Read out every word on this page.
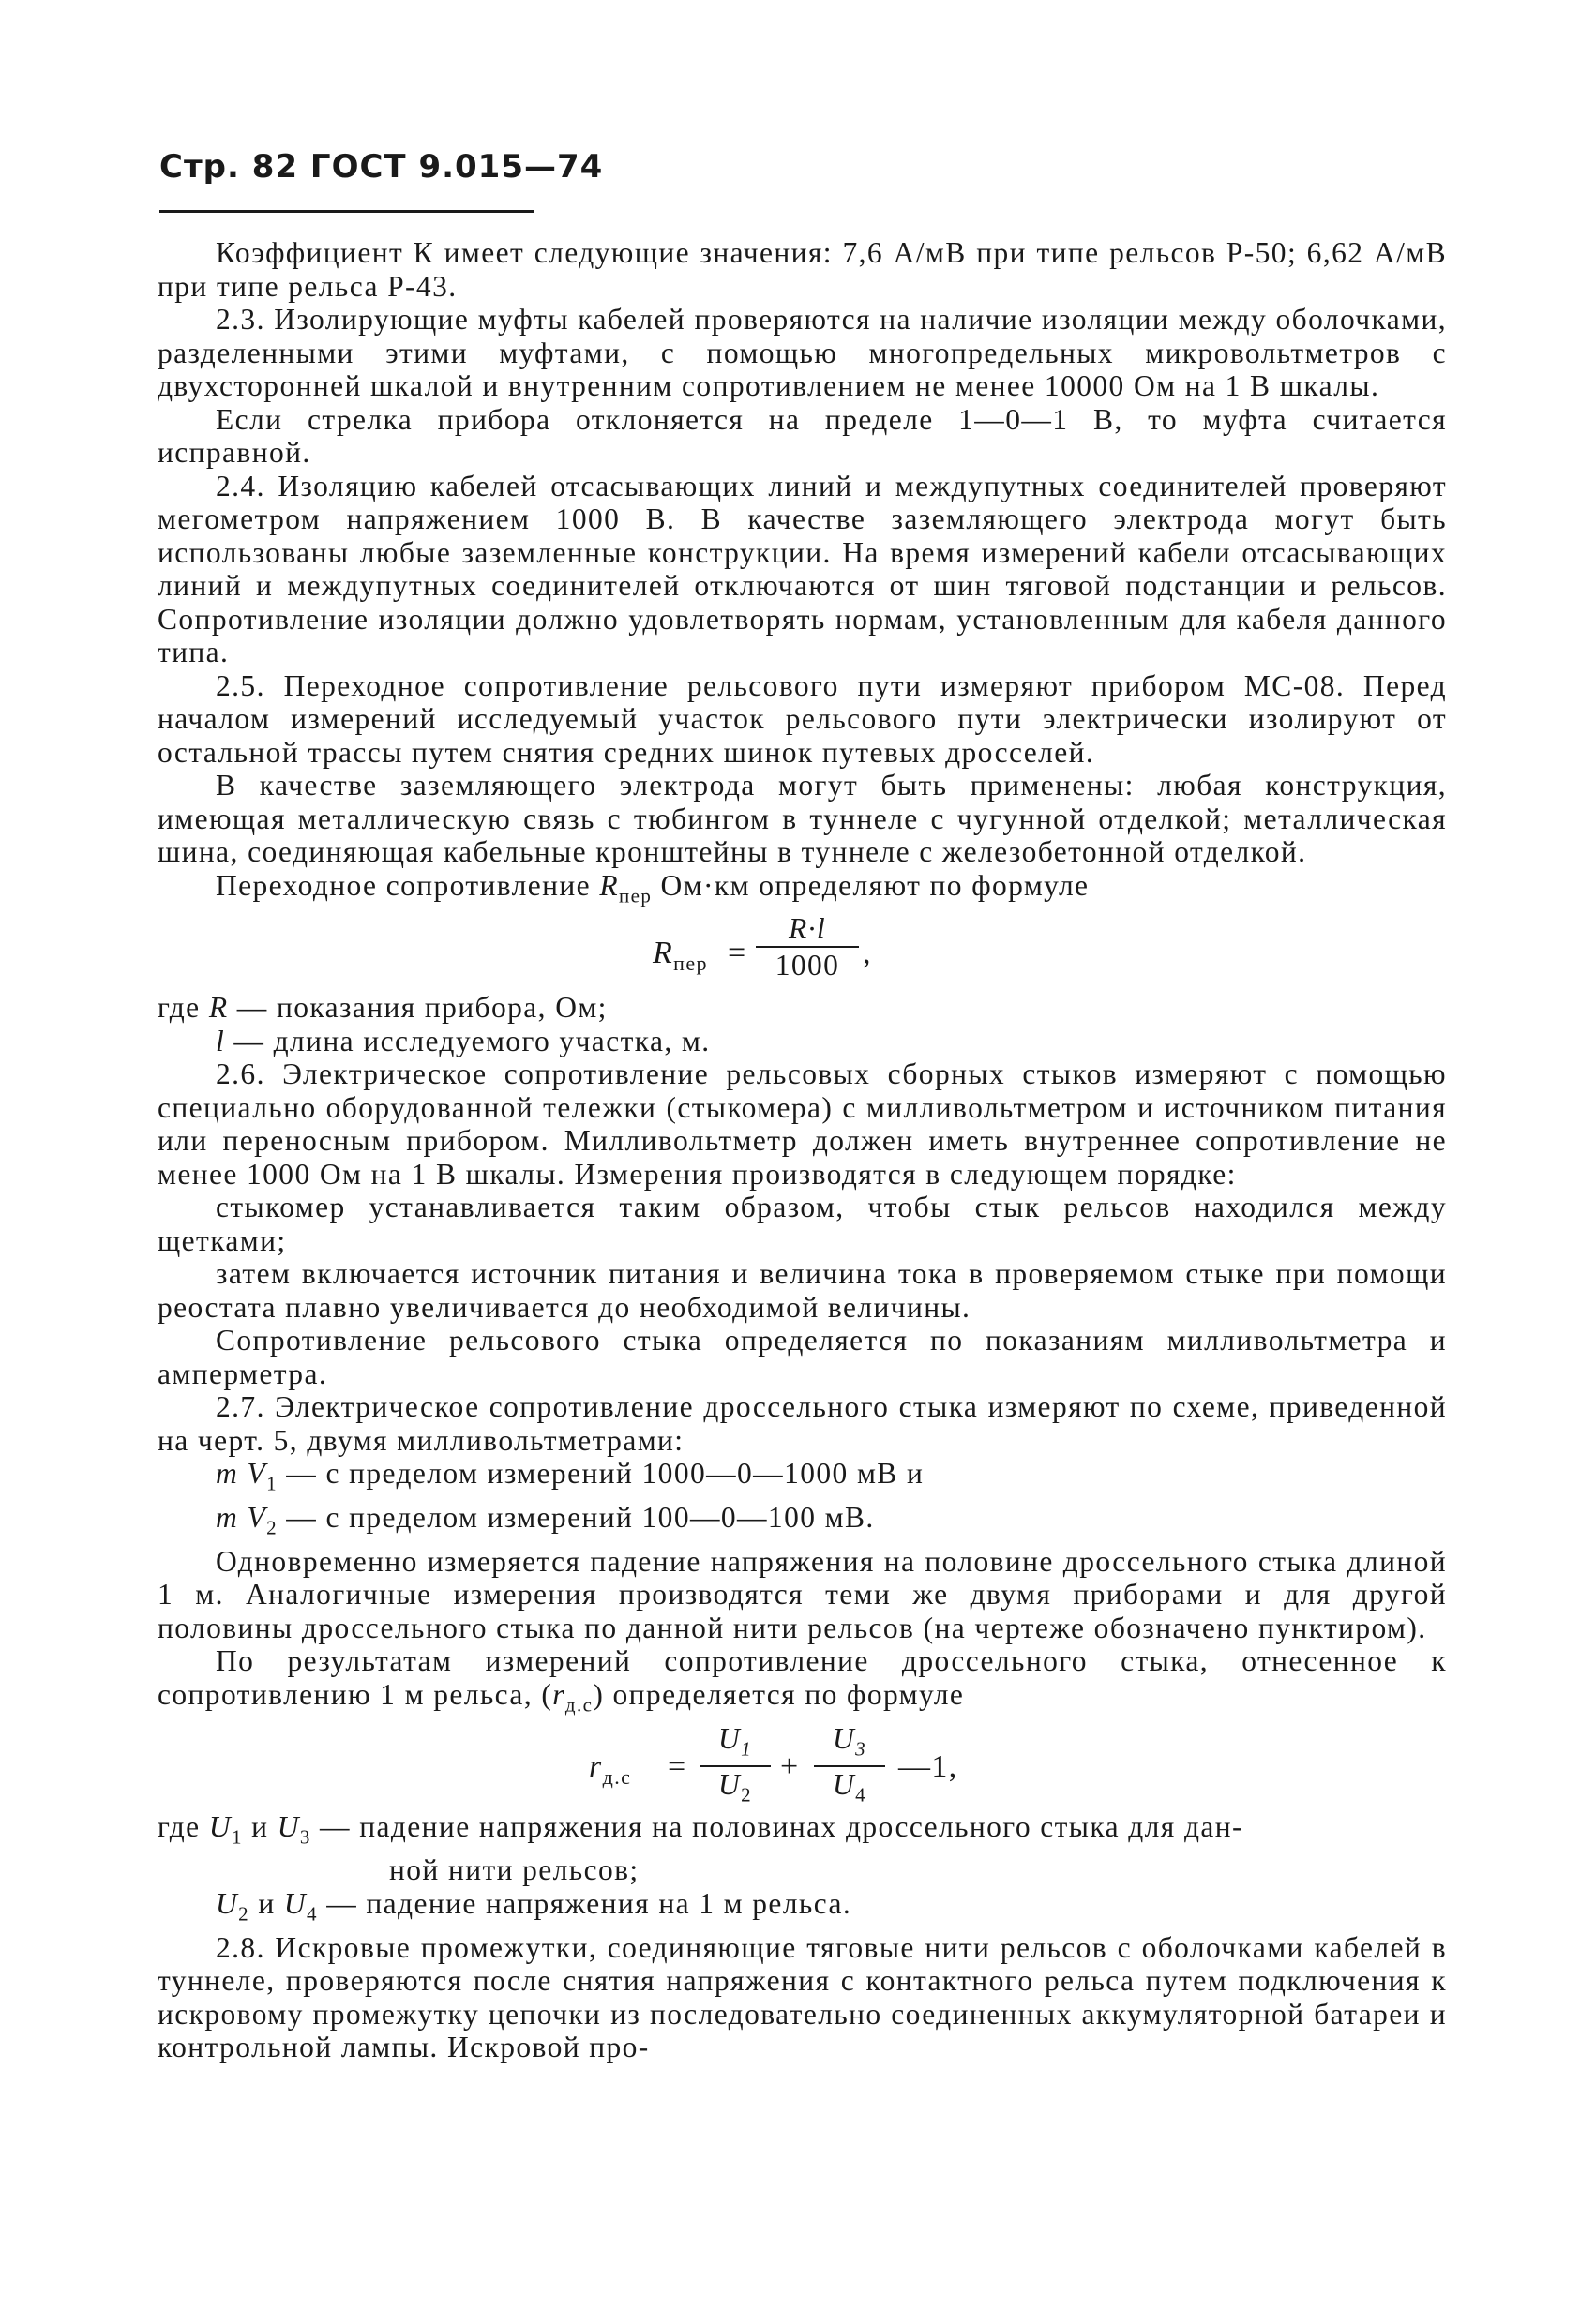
Стр. 82 ГОСТ 9.015—74

Коэффициент К имеет следующие значения: 7,6 А/мВ при типе рельсов Р-50; 6,62 А/мВ при типе рельса Р-43.

2.3. Изолирующие муфты кабелей проверяются на наличие изоляции между оболочками, разделенными этими муфтами, с помощью многопредельных микровольтметров с двухсторонней шкалой и внутренним сопротивлением не менее 10000 Ом на 1 В шкалы.

Если стрелка прибора отклоняется на пределе 1—0—1 В, то муфта считается исправной.

2.4. Изоляцию кабелей отсасывающих линий и междупутных соединителей проверяют мегометром напряжением 1000 В. В качестве заземляющего электрода могут быть использованы любые заземленные конструкции. На время измерений кабели отсасывающих линий и междупутных соединителей отключаются от шин тяговой подстанции и рельсов. Сопротивление изоляции должно удовлетворять нормам, установленным для кабеля данного типа.

2.5. Переходное сопротивление рельсового пути измеряют прибором МС-08. Перед началом измерений исследуемый участок рельсового пути электрически изолируют от остальной трассы путем снятия средних шинок путевых дросселей.

В качестве заземляющего электрода могут быть применены: любая конструкция, имеющая металлическую связь с тюбингом в туннеле с чугунной отделкой; металлическая шина, соединяющая кабельные кронштейны в туннеле с железобетонной отделкой.

Переходное сопротивление $R_{пер}$ Ом·км определяют по формуле

$R_{пер} = \frac{R\cdot l}{1000}$ ,

где R — показания прибора, Ом;

l — длина исследуемого участка, м.

2.6. Электрическое сопротивление рельсовых сборных стыков измеряют с помощью специально оборудованной тележки (стыкомера) с милливольтметром и источником питания или переносным прибором. Милливольтметр должен иметь внутреннее сопротивление не менее 1000 Ом на 1 В шкалы. Измерения производятся в следующем порядке:

стыкомер устанавливается таким образом, чтобы стык рельсов находился между щетками;

затем включается источник питания и величина тока в проверяемом стыке при помощи реостата плавно увеличивается до необходимой величины.

Сопротивление рельсового стыка определяется по показаниям милливольтметра и амперметра.

2.7. Электрическое сопротивление дроссельного стыка измеряют по схеме, приведенной на черт. 5, двумя милливольтметрами:

m $V_1$ — с пределом измерений 1000—0—1000 мВ и

m $V_2$ — с пределом измерений 100—0—100 мВ.

Одновременно измеряется падение напряжения на половине дроссельного стыка длиной 1 м. Аналогичные измерения производятся теми же двумя приборами и для другой половины дроссельного стыка по данной нити рельсов (на чертеже обозначено пунктиром).

По результатам измерений сопротивление дроссельного стыка, отнесенное к сопротивлению 1 м рельса, $(r_{д.с})$ определяется по формуле

$r_{д.с} = \frac{U_1}{U_2} + \frac{U_3}{U_4}$ —1,

где $U_1$ и $U_3$ — падение напряжения на половинах дроссельного стыка для дан-

ной нити рельсов;

$U_2$ и $U_4$ — падение напряжения на 1 м рельса.

2.8. Искровые промежутки, соединяющие тяговые нити рельсов с оболочками кабелей в туннеле, проверяются после снятия напряжения с контактного рельса путем подключения к искровому промежутку цепочки из последовательно соединенных аккумуляторной батареи и контрольной лампы. Искровой про-
